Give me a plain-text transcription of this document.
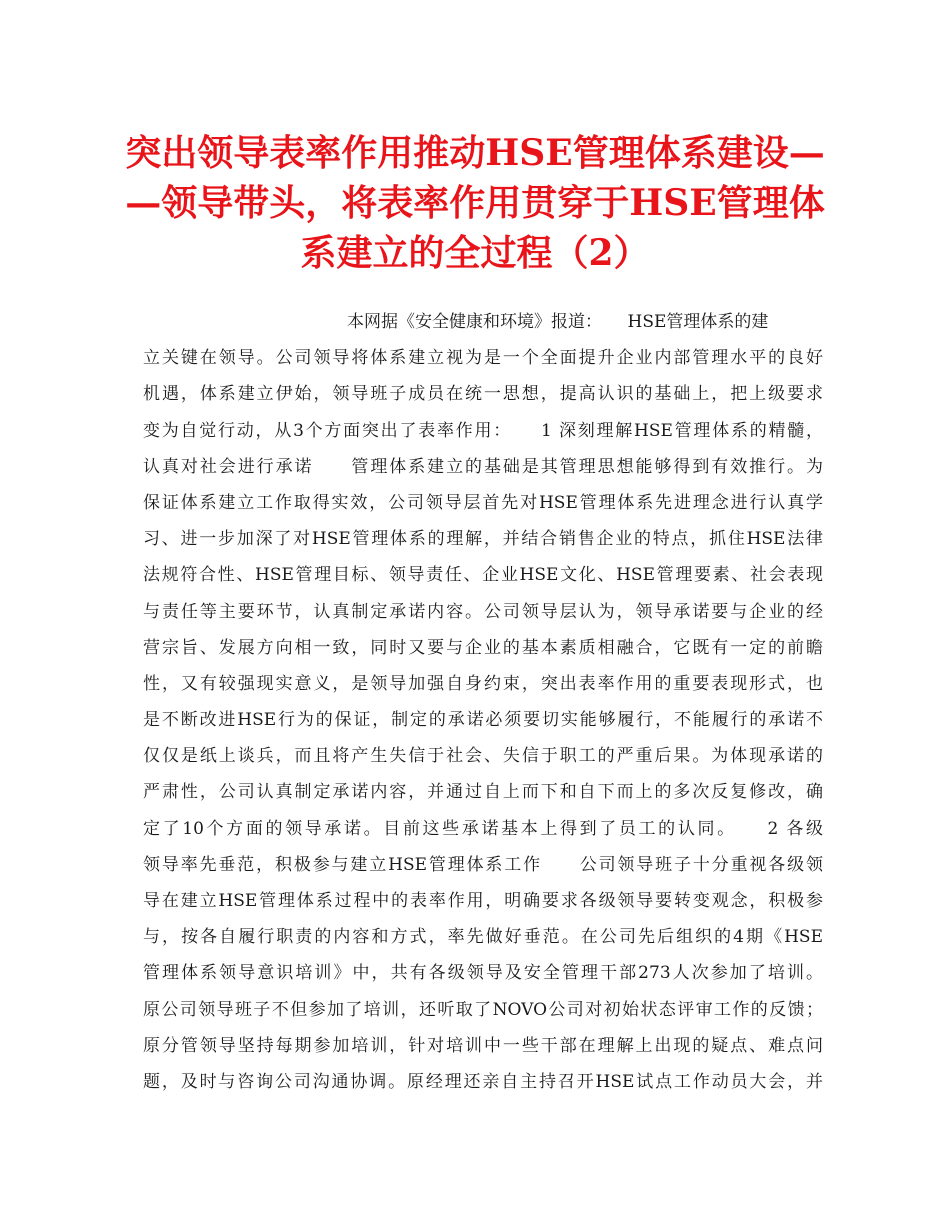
突出领导表率作用推动HSE管理体系建设—
—领导带头，将表率作用贯穿于HSE管理体
系建立的全过程（2）
本网据《安全健康和环境》报道：　　HSE管理体系的建
立关键在领导。公司领导将体系建立视为是一个全面提升企业内部管理水平的良好
机遇，体系建立伊始，领导班子成员在统一思想，提高认识的基础上，把上级要求
变为自觉行动，从3个方面突出了表率作用：　　1 深刻理解HSE管理体系的精髓，
认真对社会进行承诺　　管理体系建立的基础是其管理思想能够得到有效推行。为
保证体系建立工作取得实效，公司领导层首先对HSE管理体系先进理念进行认真学
习、进一步加深了对HSE管理体系的理解，并结合销售企业的特点，抓住HSE法律
法规符合性、HSE管理目标、领导责任、企业HSE文化、HSE管理要素、社会表现
与责任等主要环节，认真制定承诺内容。公司领导层认为，领导承诺要与企业的经
营宗旨、发展方向相一致，同时又要与企业的基本素质相融合，它既有一定的前瞻
性，又有较强现实意义，是领导加强自身约束，突出表率作用的重要表现形式，也
是不断改进HSE行为的保证，制定的承诺必须要切实能够履行，不能履行的承诺不
仅仅是纸上谈兵，而且将产生失信于社会、失信于职工的严重后果。为体现承诺的
严肃性，公司认真制定承诺内容，并通过自上而下和自下而上的多次反复修改，确
定了10个方面的领导承诺。目前这些承诺基本上得到了员工的认同。　　2 各级
领导率先垂范，积极参与建立HSE管理体系工作　　公司领导班子十分重视各级领
导在建立HSE管理体系过程中的表率作用，明确要求各级领导要转变观念，积极参
与，按各自履行职责的内容和方式，率先做好垂范。在公司先后组织的4期《HSE
管理体系领导意识培训》中，共有各级领导及安全管理干部273人次参加了培训。
原公司领导班子不但参加了培训，还听取了NOVO公司对初始状态评审工作的反馈；
原分管领导坚持每期参加培训，针对培训中一些干部在理解上出现的疑点、难点问
题，及时与咨询公司沟通协调。原经理还亲自主持召开HSE试点工作动员大会，并
